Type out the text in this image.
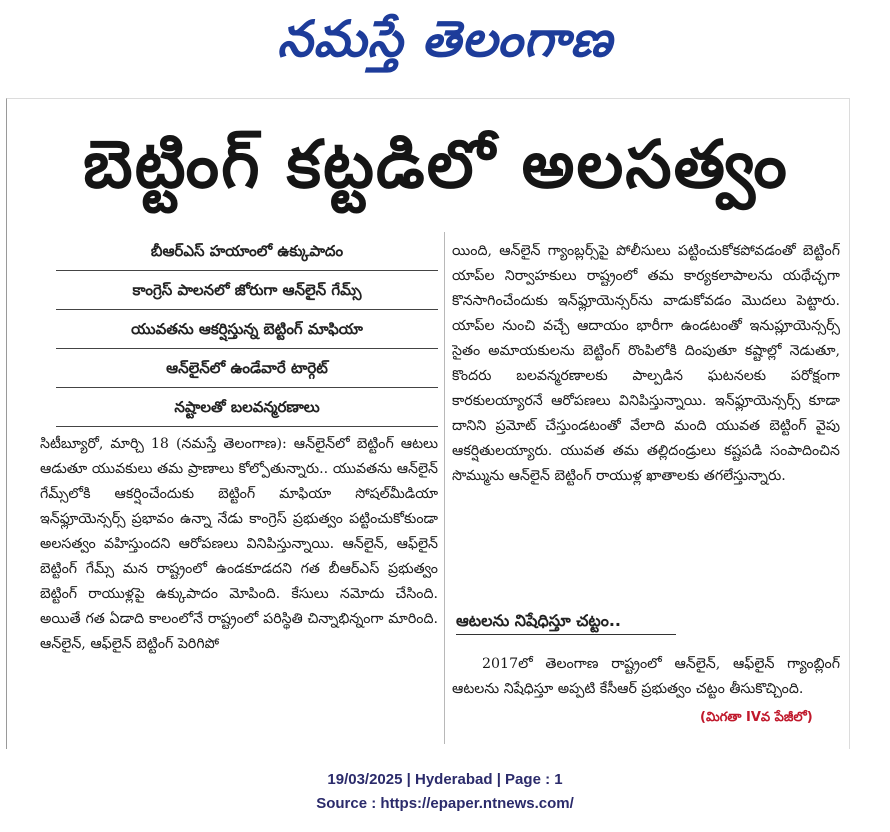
నమస్తే తెలంగాణ
బెట్టింగ్ కట్టడిలో అలసత్వం
బీఆర్ఎస్ హయాంలో ఉక్కుపాదం
కాంగ్రెస్ పాలనలో జోరుగా ఆన్‌లైన్ గేమ్స్
యువతను ఆకర్షిస్తున్న బెట్టింగ్ మాఫియా
ఆన్‌లైన్‌లో ఉండేవారే టార్గెట్
నష్టాలతో బలవన్మరణాలు
సిటీబ్యూరో, మార్చి 18 (నమస్తే తెలంగాణ): ఆన్‌లైన్‌లో బెట్టింగ్ ఆటలు ఆడుతూ యువకులు తమ ప్రాణాలు కోల్పోతున్నారు.. యువతను ఆన్‌లైన్ గేమ్స్‌లోకి ఆకర్షించేందుకు బెట్టింగ్ మాఫియా సోషల్‌మీడియా ఇన్‌ఫ్లూయెన్సర్స్ ప్రభావం ఉన్నా నేడు కాంగ్రెస్ ప్రభుత్వం పట్టించుకోకుండా అలసత్వం వహిస్తుందని ఆరోపణలు వినిపిస్తున్నాయి. ఆన్‌లైన్, ఆఫ్‌లైన్ బెట్టింగ్ గేమ్స్ మన రాష్ట్రంలో ఉండకూడదని గత బీఆర్ఎస్ ప్రభుత్వం బెట్టింగ్ రాయుళ్లపై ఉక్కుపాదం మోపింది. కేసులు నమోదు చేసింది. అయితే గత ఏడాది కాలంలోనే రాష్ట్రంలో పరిస్థితి చిన్నాభిన్నంగా మారింది. ఆన్‌లైన్, ఆఫ్‌లైన్ బెట్టింగ్ పెరిగిపో
యింది, ఆన్‌లైన్ గ్యాంబ్లర్స్‌పై పోలీసులు పట్టించుకోకపోవడంతో బెట్టింగ్ యాప్‌ల నిర్వాహకులు రాష్ట్రంలో తమ కార్యకలాపాలను యథేచ్ఛగా కొనసాగించేందుకు ఇన్‌ఫ్లూయెన్సర్‌ను వాడుకోవడం మొదలు పెట్టారు. యాప్‌ల నుంచి వచ్చే ఆదాయం భారీగా ఉండటంతో ఇనుప్లూయెన్సర్స్ సైతం అమాయకులను బెట్టింగ్ రొంపిలోకి దింపుతూ కష్టాల్లో నెడుతూ, కొందరు బలవన్మరణాలకు పాల్పడిన ఘటనలకు పరోక్షంగా కారకులయ్యారనే ఆరోపణలు వినిపిస్తున్నాయి. ఇన్‌ఫ్లూయెన్సర్స్ కూడా దానిని ప్రమోట్ చేస్తుండటంతో వేలాది మంది యువత బెట్టింగ్ వైపు ఆకర్షితులయ్యారు. యువత తమ తల్లిదండ్రులు కష్టపడి సంపాదించిన సొమ్మును ఆన్‌లైన్ బెట్టింగ్ రాయుళ్ల ఖాతాలకు తగలేస్తున్నారు.
ఆటలను నిషేధిస్తూ చట్టం..
2017లో తెలంగాణ రాష్ట్రంలో ఆన్‌లైన్, ఆఫ్‌లైన్ గ్యాంబ్లింగ్ ఆటలను నిషేధిస్తూ అప్పటి కేసీఆర్ ప్రభుత్వం చట్టం తీసుకొచ్చింది.
(మిగతా IVవ పేజీలో)
19/03/2025 | Hyderabad | Page : 1
Source : https://epaper.ntnews.com/
